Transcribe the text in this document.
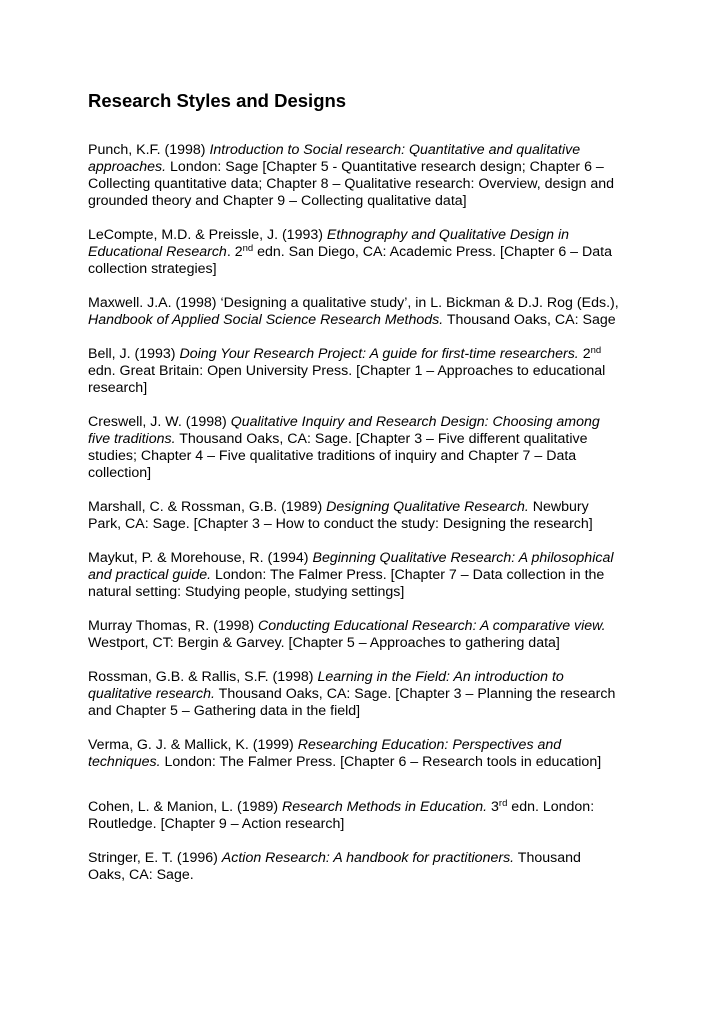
Research Styles and Designs

Punch, K.F. (1998) Introduction to Social research: Quantitative and qualitative
approaches. London: Sage [Chapter 5 - Quantitative research design; Chapter 6 –
Collecting quantitative data; Chapter 8 – Qualitative research: Overview, design and
grounded theory and Chapter 9 – Collecting qualitative data]

LeCompte, M.D. & Preissle, J. (1993) Ethnography and Qualitative Design in
Educational Research. 2nd edn. San Diego, CA: Academic Press. [Chapter 6 – Data
collection strategies]

Maxwell. J.A. (1998) ‘Designing a qualitative study’, in L. Bickman & D.J. Rog (Eds.),
Handbook of Applied Social Science Research Methods. Thousand Oaks, CA: Sage

Bell, J. (1993) Doing Your Research Project: A guide for first-time researchers. 2nd
edn. Great Britain: Open University Press. [Chapter 1 – Approaches to educational
research]

Creswell, J. W. (1998) Qualitative Inquiry and Research Design: Choosing among
five traditions. Thousand Oaks, CA: Sage. [Chapter 3 – Five different qualitative
studies; Chapter 4 – Five qualitative traditions of inquiry and Chapter 7 – Data
collection]

Marshall, C. & Rossman, G.B. (1989) Designing Qualitative Research. Newbury
Park, CA: Sage. [Chapter 3 – How to conduct the study: Designing the research]

Maykut, P. & Morehouse, R. (1994) Beginning Qualitative Research: A philosophical
and practical guide. London: The Falmer Press. [Chapter 7 – Data collection in the
natural setting: Studying people, studying settings]

Murray Thomas, R. (1998) Conducting Educational Research: A comparative view.
Westport, CT: Bergin & Garvey. [Chapter 5 – Approaches to gathering data]

Rossman, G.B. & Rallis, S.F. (1998) Learning in the Field: An introduction to
qualitative research. Thousand Oaks, CA: Sage. [Chapter 3 – Planning the research
and Chapter 5 – Gathering data in the field]

Verma, G. J. & Mallick, K. (1999) Researching Education: Perspectives and
techniques. London: The Falmer Press. [Chapter 6 – Research tools in education]

Cohen, L. & Manion, L. (1989) Research Methods in Education. 3rd edn. London:
Routledge. [Chapter 9 – Action research]

Stringer, E. T. (1996) Action Research: A handbook for practitioners. Thousand
Oaks, CA: Sage.
